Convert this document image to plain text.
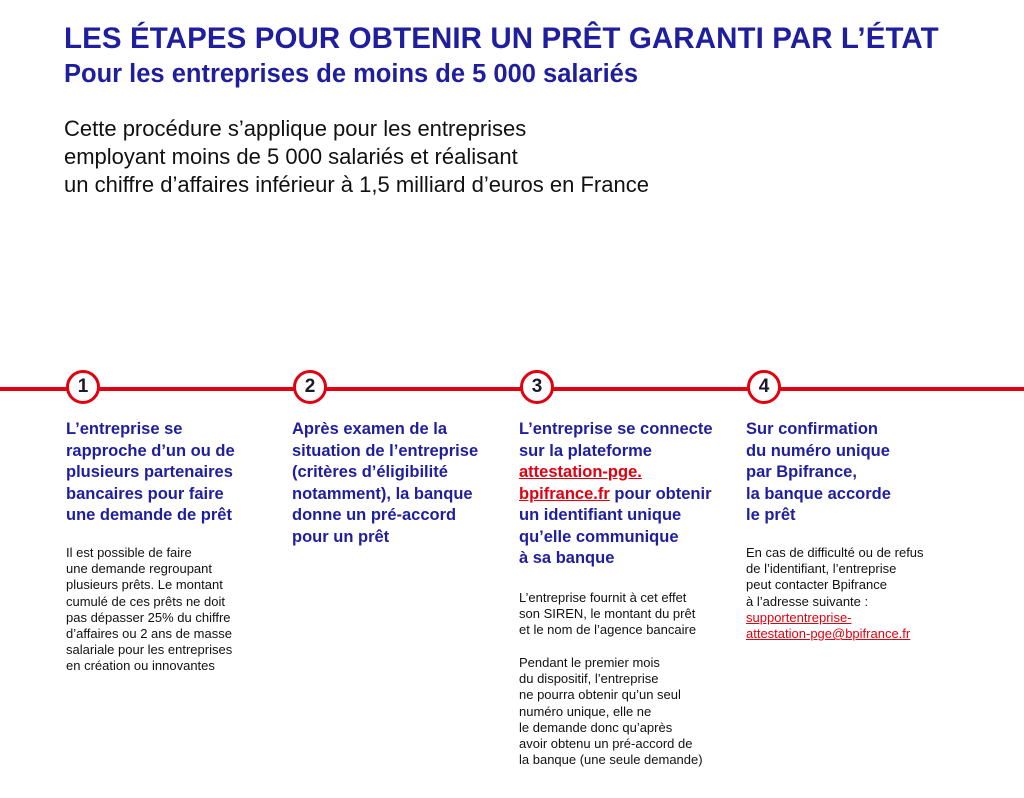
LES ÉTAPES POUR OBTENIR UN PRÊT GARANTI PAR L’ÉTAT
Pour les entreprises de moins de 5 000 salariés
Cette procédure s’applique pour les entreprises
employant moins de 5 000 salariés et réalisant
un chiffre d’affaires inférieur à 1,5 milliard d’euros en France
1	2	3	4
L’entreprise se
rapproche d’un ou de
plusieurs partenaires
bancaires pour faire
une demande de prêt
Il est possible de faire
une demande regroupant
plusieurs prêts. Le montant
cumulé de ces prêts ne doit
pas dépasser 25% du chiffre
d’affaires ou 2 ans de masse
salariale pour les entreprises
en création ou innovantes
Après examen de la
situation de l’entreprise
(critères d’éligibilité
notamment), la banque
donne un pré-accord
pour un prêt
L’entreprise se connecte
sur la plateforme
attestation-pge.
bpifrance.fr pour obtenir
un identifiant unique
qu’elle communique
à sa banque
L’entreprise fournit à cet effet
son SIREN, le montant du prêt
et le nom de l’agence bancaire
Pendant le premier mois
du dispositif, l’entreprise
ne pourra obtenir qu’un seul
numéro unique, elle ne
le demande donc qu’après
avoir obtenu un pré-accord de
la banque (une seule demande)
Sur confirmation
du numéro unique
par Bpifrance,
la banque accorde
le prêt
En cas de difficulté ou de refus
de l’identifiant, l’entreprise
peut contacter Bpifrance
à l’adresse suivante :
supportentreprise-
attestation-pge@bpifrance.fr
